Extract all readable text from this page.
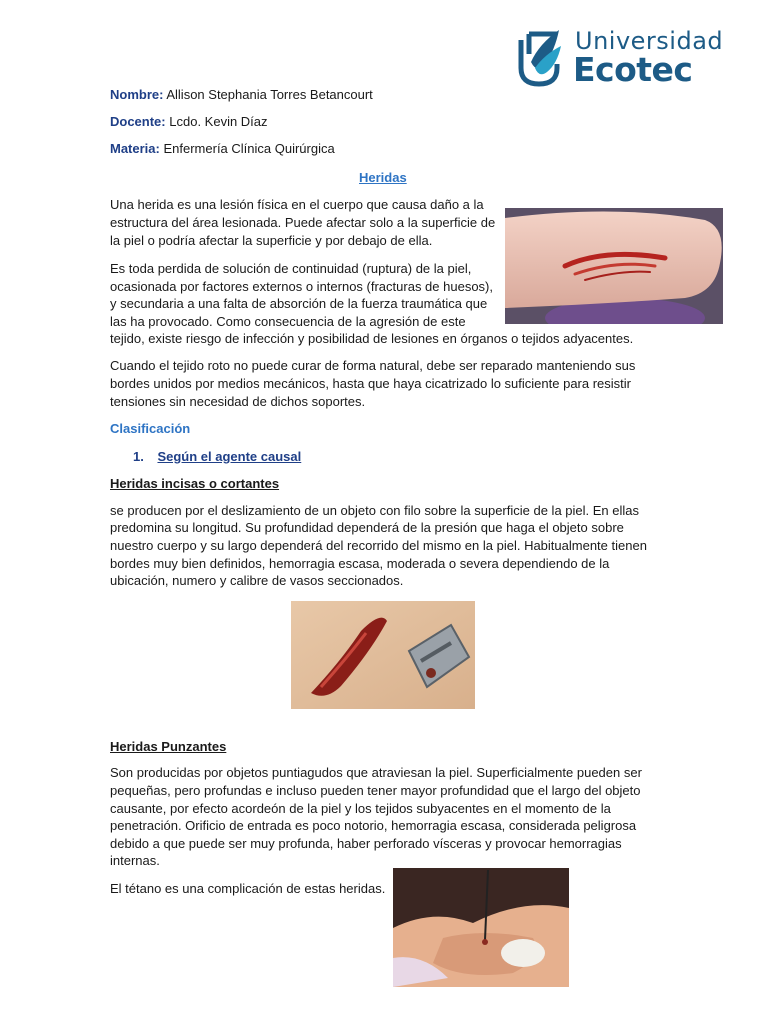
Universidad
Ecotec
Nombre: Allison Stephania Torres Betancourt
Docente: Lcdo. Kevin Díaz
Materia: Enfermería Clínica Quirúrgica
Heridas
Una herida es una lesión física en el cuerpo que causa daño a la
estructura del área lesionada. Puede afectar solo a la superficie de
la piel o podría afectar la superficie y por debajo de ella.
Es toda perdida de solución de continuidad (ruptura) de la piel,
ocasionada por factores externos o internos (fracturas de huesos),
y secundaria a una falta de absorción de la fuerza traumática que
las ha provocado. Como consecuencia de la agresión de este
tejido, existe riesgo de infección y posibilidad de lesiones en órganos o tejidos adyacentes.
Cuando el tejido roto no puede curar de forma natural, debe ser reparado manteniendo sus
bordes unidos por medios mecánicos, hasta que haya cicatrizado lo suficiente para resistir
tensiones sin necesidad de dichos soportes.
Clasificación
1. Según el agente causal
Heridas incisas o cortantes
se producen por el deslizamiento de un objeto con filo sobre la superficie de la piel. En ellas
predomina su longitud. Su profundidad dependerá de la presión que haga el objeto sobre
nuestro cuerpo y su largo dependerá del recorrido del mismo en la piel. Habitualmente tienen
bordes muy bien definidos, hemorragia escasa, moderada o severa dependiendo de la
ubicación, numero y calibre de vasos seccionados.
Heridas Punzantes
Son producidas por objetos puntiagudos que atraviesan la piel. Superficialmente pueden ser
pequeñas, pero profundas e incluso pueden tener mayor profundidad que el largo del objeto
causante, por efecto acordeón de la piel y los tejidos subyacentes en el momento de la
penetración. Orificio de entrada es poco notorio, hemorragia escasa, considerada peligrosa
debido a que puede ser muy profunda, haber perforado vísceras y provocar hemorragias
internas.
El tétano es una complicación de estas heridas.
